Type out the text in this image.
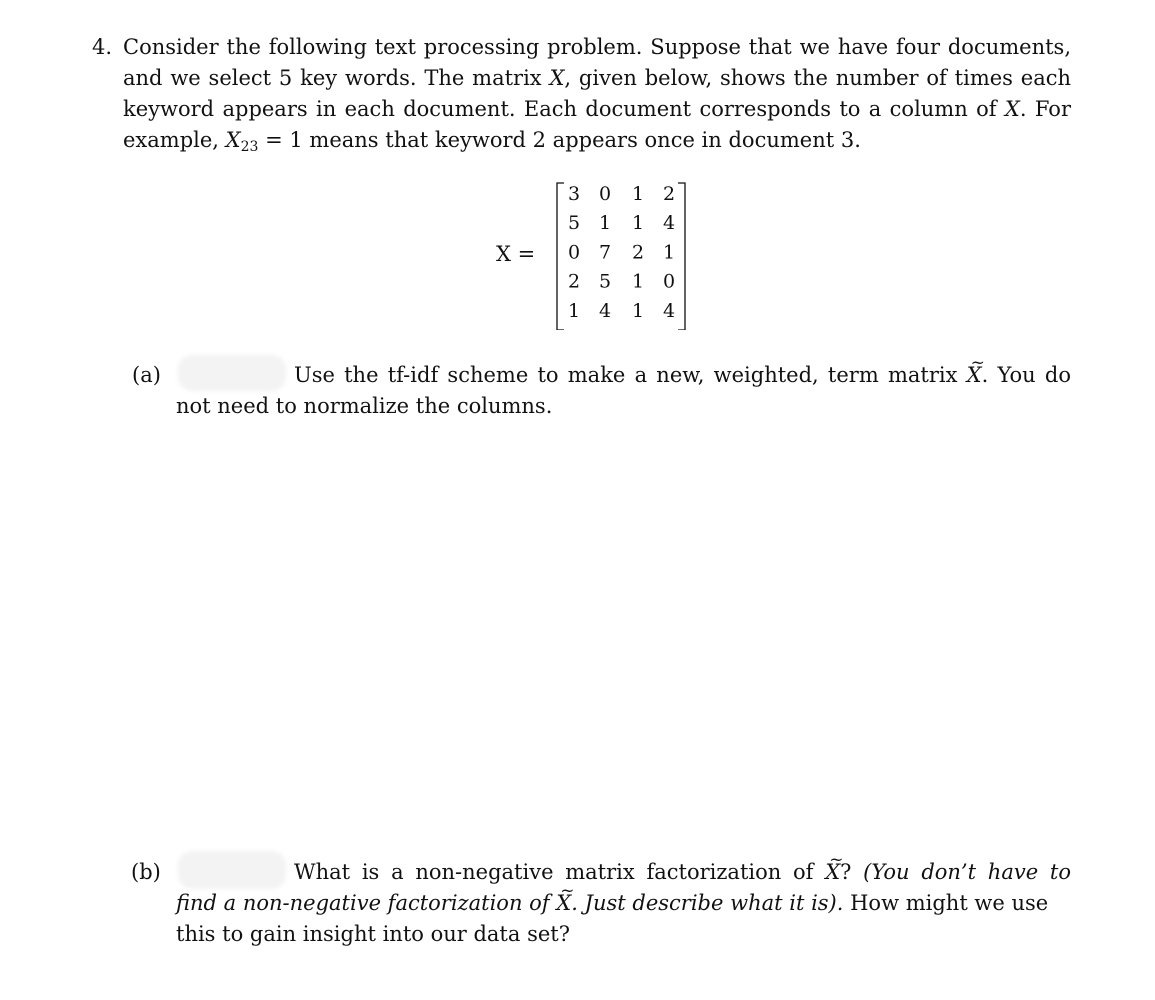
4. Consider the following text processing problem. Suppose that we have four documents, and we select 5 key words. The matrix X, given below, shows the number of times each keyword appears in each document. Each document corresponds to a column of X. For example, $X_{23} = 1$ means that keyword 2 appears once in document 3.
X =
3 0 1 2
5 1 1 4
0 7 2 1
2 5 1 0
1 4 1 4
(a)	Use the tf-idf scheme to make a new, weighted, term matrix ~ X. You do
not need to normalize the columns.
(b)	What is a non-negative matrix factorization of ~ X? (You don’t have to
find a non-negative factorization of ~ X. Just describe what it is). How might we use
this to gain insight into our data set?
